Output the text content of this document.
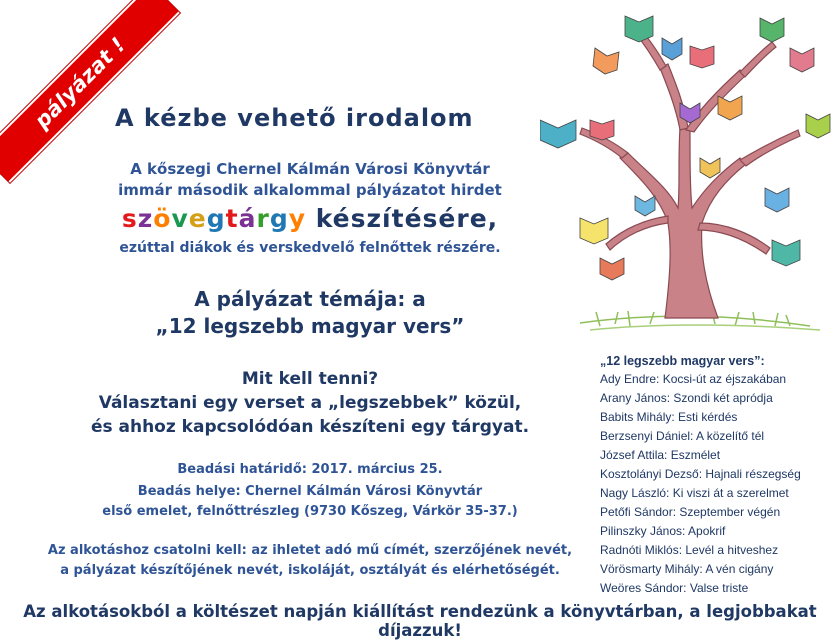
pályázat !
A kézbe vehető irodalom
A kőszegi Chernel Kálmán Városi Könyvtár
immár második alkalommal pályázatot hirdet
szövegtárgy készítésére,
ezúttal diákok és verskedvelő felnőttek részére.
A pályázat témája: a
„12 legszebb magyar vers”
Mit kell tenni?
Választani egy verset a „legszebbek” közül,
és ahhoz kapcsolódóan készíteni egy tárgyat.
Beadási határidő: 2017. március 25.
Beadás helye: Chernel Kálmán Városi Könyvtár
első emelet, felnőttrészleg (9730 Kőszeg, Várkör 35-37.)
Az alkotáshoz csatolni kell: az ihletet adó mű címét, szerzőjének nevét,
a pályázat készítőjének nevét, iskoláját, osztályát és elérhetőségét.
Az alkotásokból a költészet napján kiállítást rendezünk a könyvtárban, a legjobbakat díjazzuk!
„12 legszebb magyar vers”:
Ady Endre: Kocsi-út az éjszakában
Arany János: Szondi két apródja
Babits Mihály: Esti kérdés
Berzsenyi Dániel: A közelítő tél
József Attila: Eszmélet
Kosztolányi Dezső: Hajnali részegség
Nagy László: Ki viszi át a szerelmet
Petőfi Sándor: Szeptember végén
Pilinszky János: Apokrif
Radnóti Miklós: Levél a hitveshez
Vörösmarty Mihály: A vén cigány
Weöres Sándor: Valse triste
